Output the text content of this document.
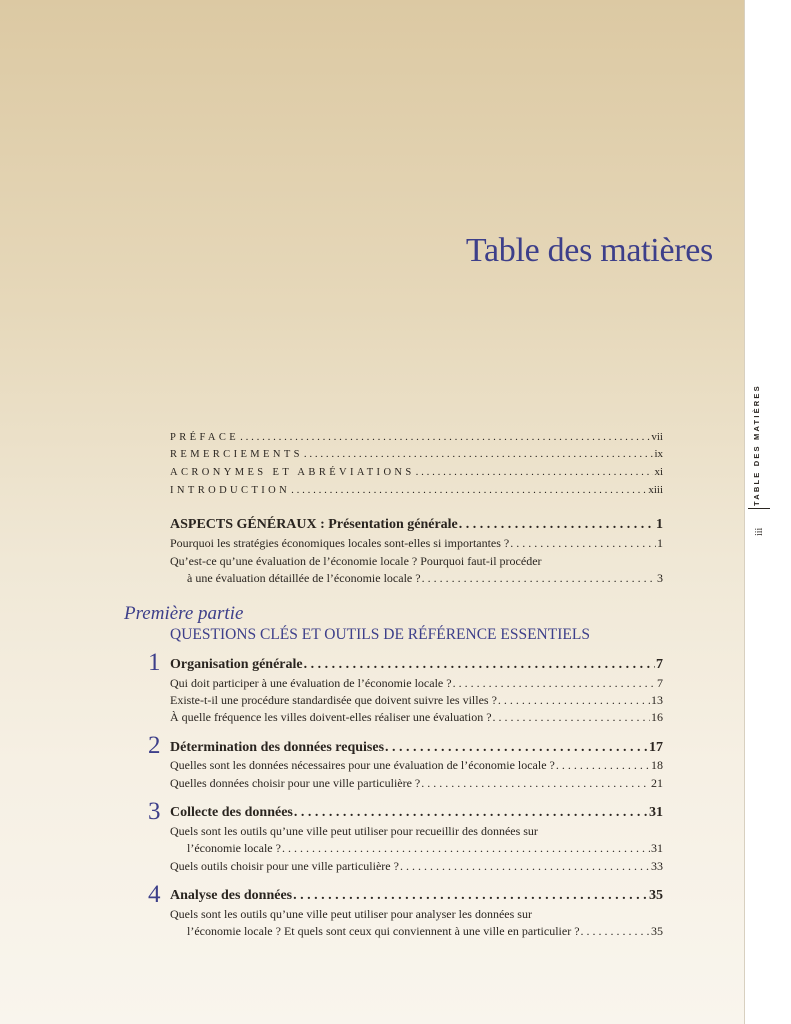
Table des matières
TABLE DES MATIÈRES
iii
PRÉFACE . . .	vii
REMERCIEMENTS . . .	ix
ACRONYMES ET ABRÉVIATIONS . . .	xi
INTRODUCTION . . .	xiii
ASPECTS GÉNÉRAUX : Présentation générale . . .	1
Pourquoi les stratégies économiques locales sont-elles si importantes ? . . .	1
Qu’est-ce qu’une évaluation de l’économie locale ? Pourquoi faut-il procéder
à une évaluation détaillée de l’économie locale ? . . .	3
Première partie
QUESTIONS CLÉS ET OUTILS DE RÉFÉRENCE ESSENTIELS
1 Organisation générale . . .	7
Qui doit participer à une évaluation de l’économie locale ? . . .	7
Existe-t-il une procédure standardisée que doivent suivre les villes ? . . .	13
À quelle fréquence les villes doivent-elles réaliser une évaluation ? . . .	16
2 Détermination des données requises . . .	17
Quelles sont les données nécessaires pour une évaluation de l’économie locale ? . . .	18
Quelles données choisir pour une ville particulière ? . . .	21
3 Collecte des données . . .	31
Quels sont les outils qu’une ville peut utiliser pour recueillir des données sur
l’économie locale ? . . .	31
Quels outils choisir pour une ville particulière ? . . .	33
4 Analyse des données . . .	35
Quels sont les outils qu’une ville peut utiliser pour analyser les données sur
l’économie locale ? Et quels sont ceux qui conviennent à une ville en particulier ? . . .	35
